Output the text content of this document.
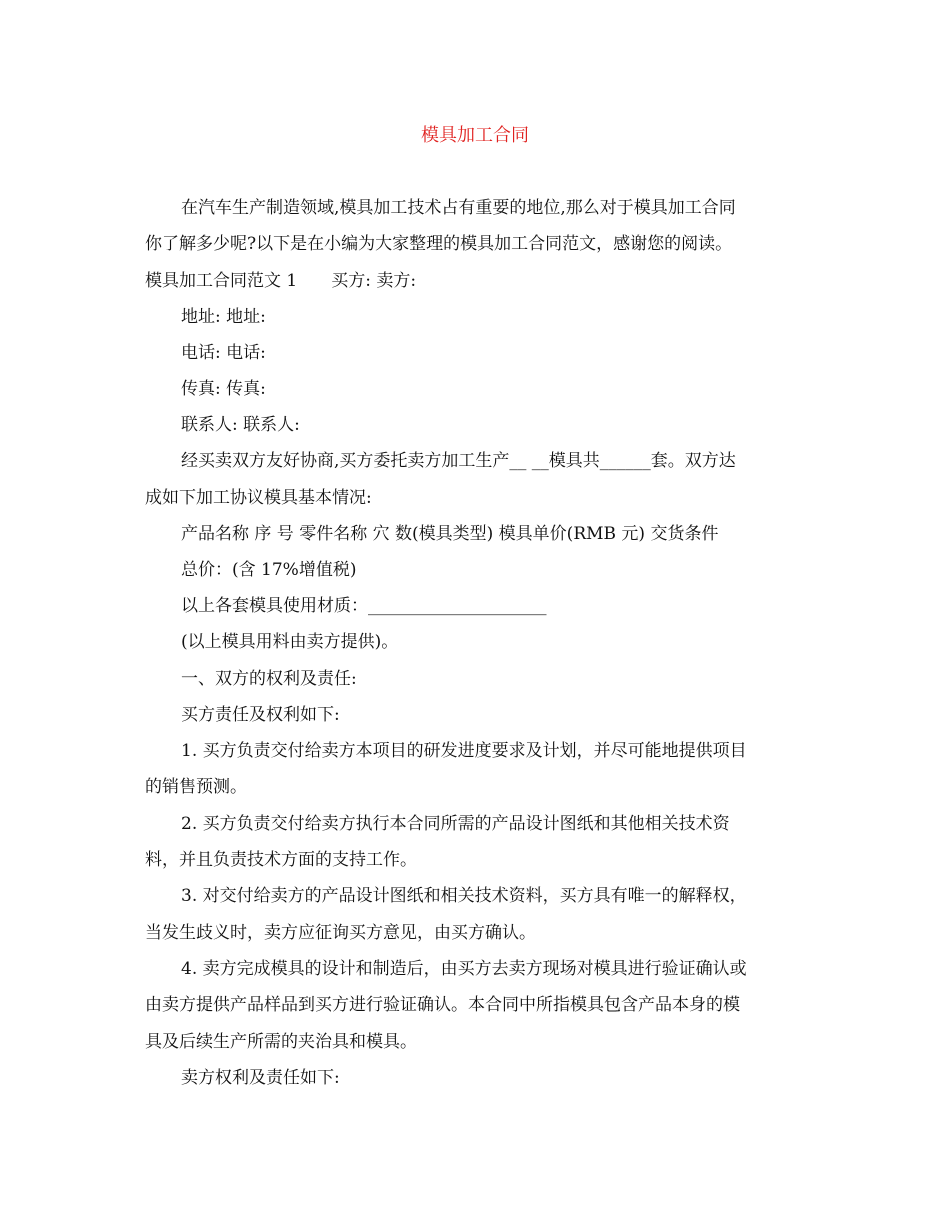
模具加工合同
在汽车生产制造领域,模具加工技术占有重要的地位,那么对于模具加工合同
你了解多少呢?以下是在小编为大家整理的模具加工合同范文，感谢您的阅读。
模具加工合同范文 1　　买方: 卖方:
地址: 地址:
电话: 电话:
传真: 传真:
联系人: 联系人:
经买卖双方友好协商,买方委托卖方加工生产__ __模具共______套。双方达
成如下加工协议模具基本情况:
产品名称 序 号 零件名称 穴 数(模具类型) 模具单价(RMB 元) 交货条件
总价：(含 17%增值税)
以上各套模具使用材质：_____________________
(以上模具用料由卖方提供)。
一、双方的权利及责任:
买方责任及权利如下:
1. 买方负责交付给卖方本项目的研发进度要求及计划，并尽可能地提供项目
的销售预测。
2. 买方负责交付给卖方执行本合同所需的产品设计图纸和其他相关技术资
料，并且负责技术方面的支持工作。
3. 对交付给卖方的产品设计图纸和相关技术资料，买方具有唯一的解释权，
当发生歧义时，卖方应征询买方意见，由买方确认。
4. 卖方完成模具的设计和制造后，由买方去卖方现场对模具进行验证确认或
由卖方提供产品样品到买方进行验证确认。本合同中所指模具包含产品本身的模
具及后续生产所需的夹治具和模具。
卖方权利及责任如下:
